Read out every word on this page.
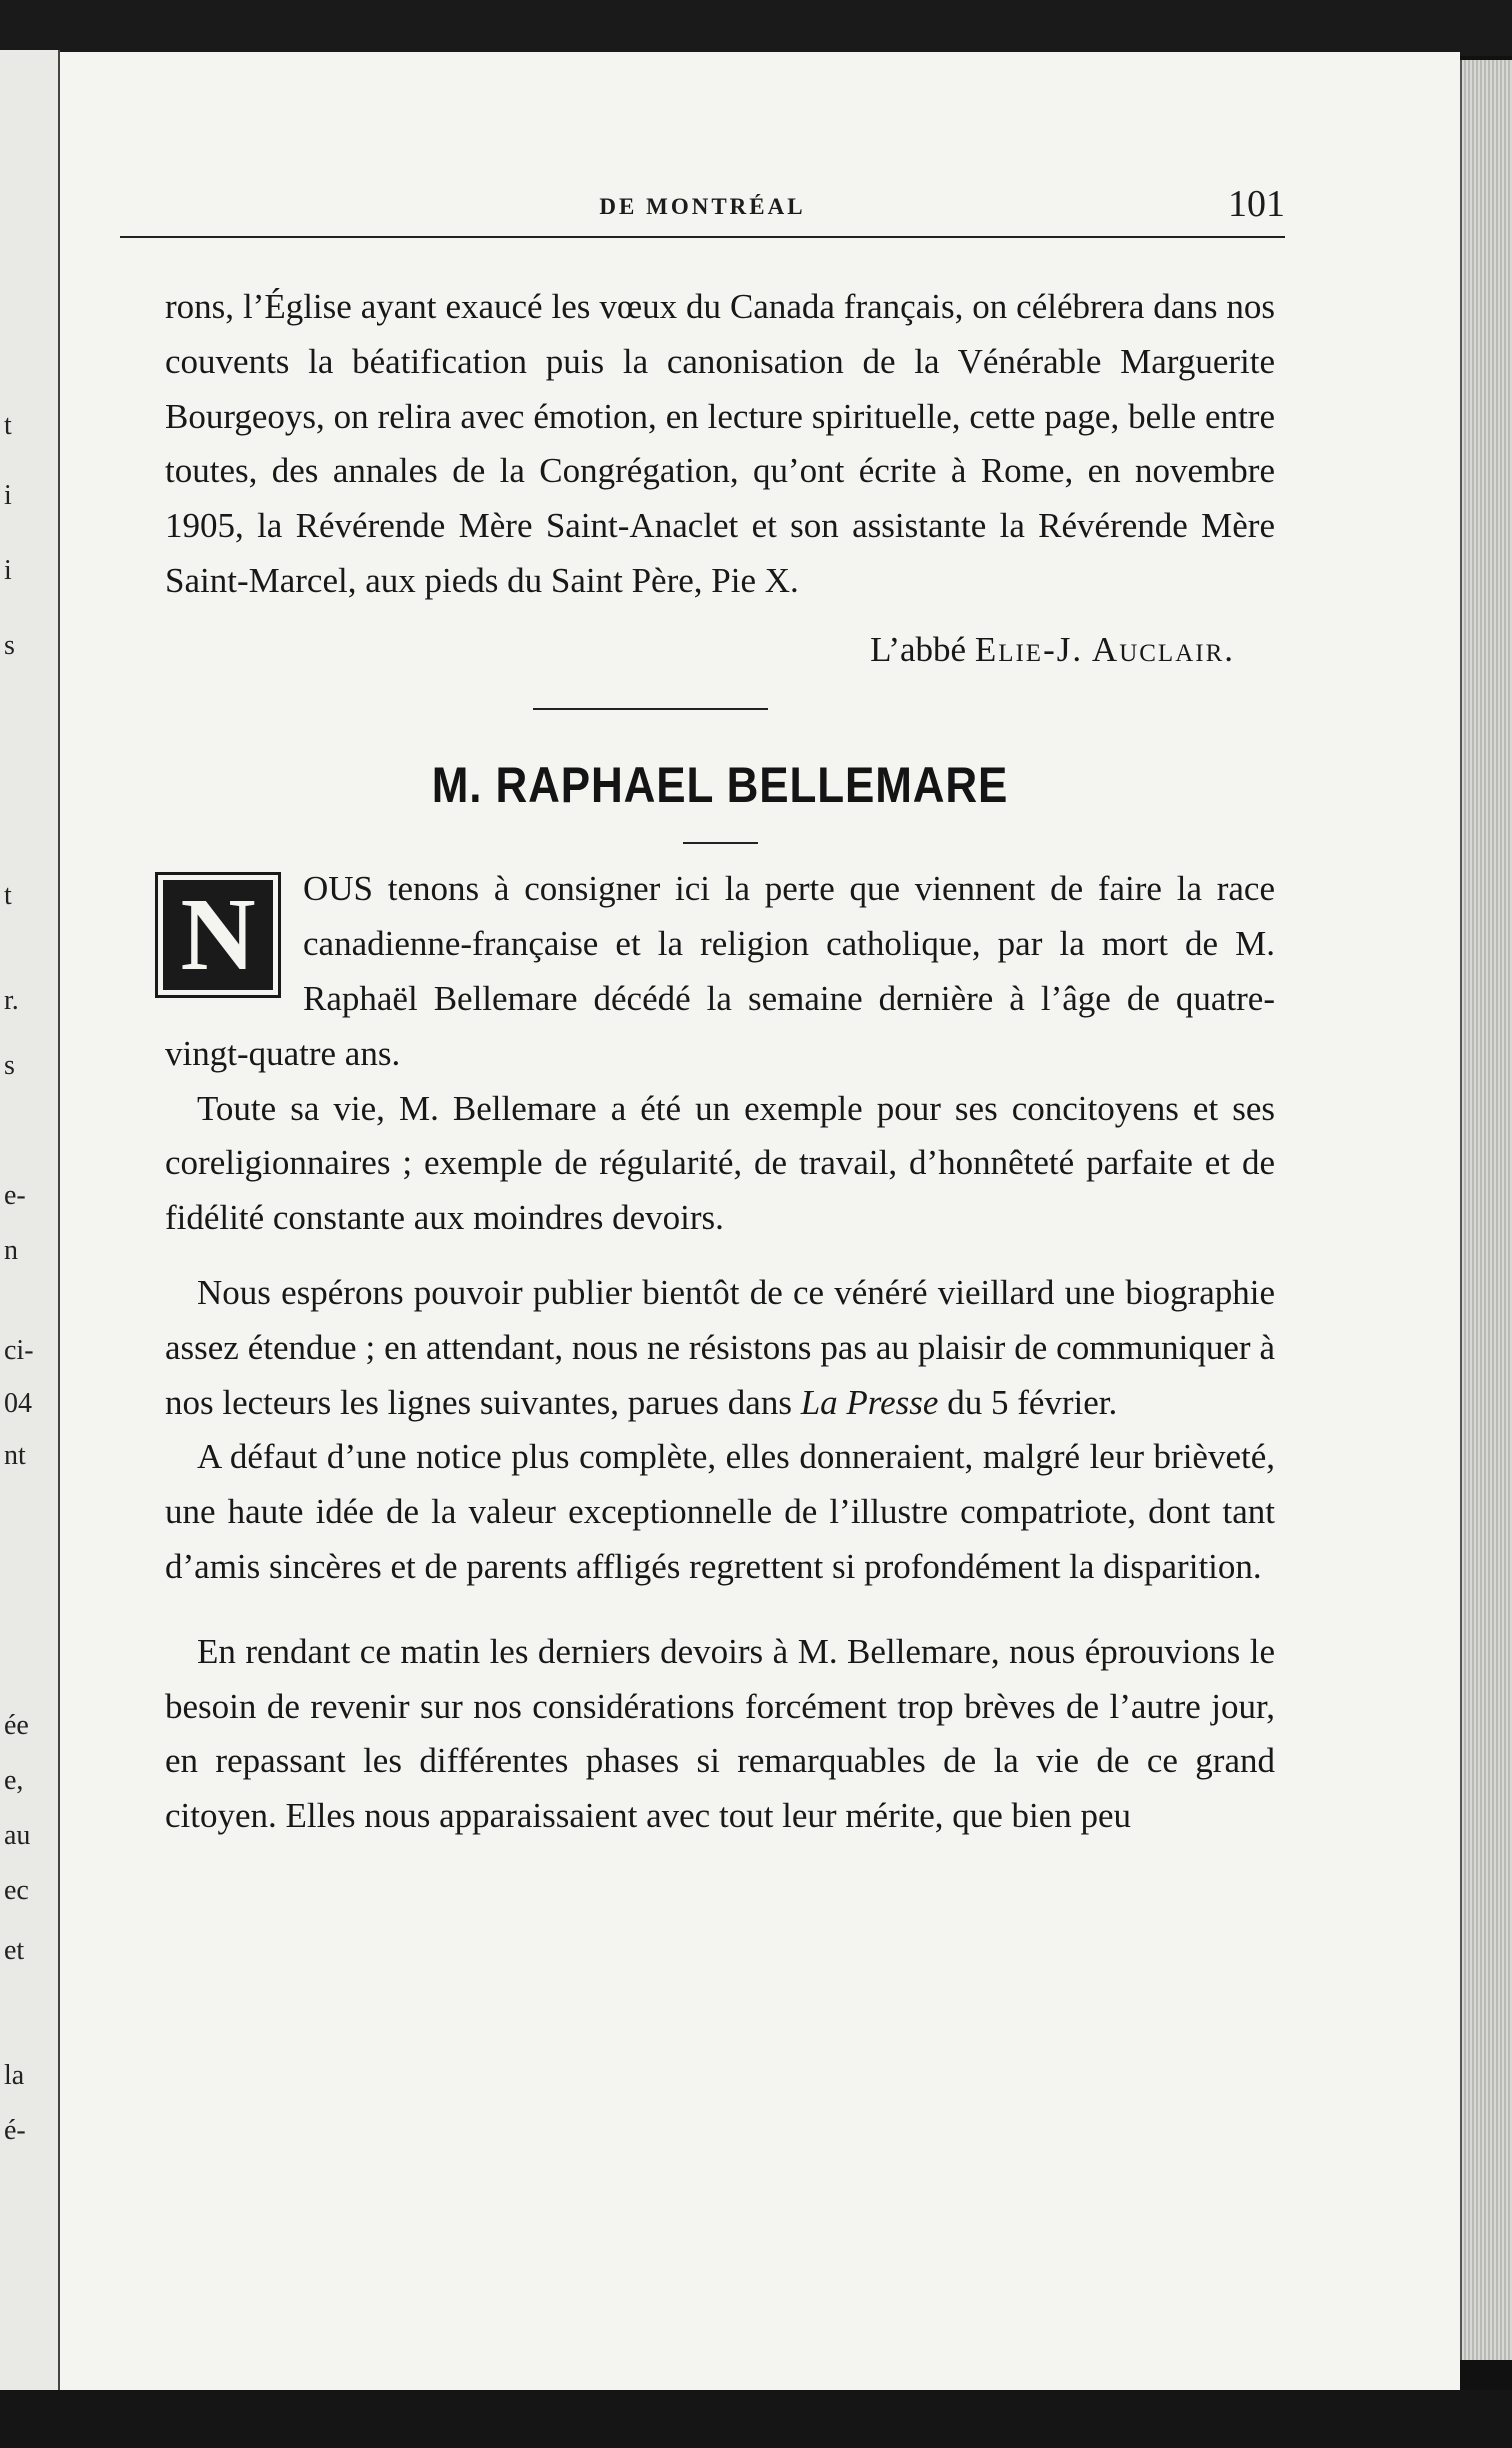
t
i
i
s
t
r.
s
e-
n
ci-
04
nt
ée
e,
au
ec
et
la
é-
DE MONTRÉAL	101

rons, l’Église ayant exaucé les vœux du Canada français, on célébrera dans nos couvents la béatification puis la canonisation de la Vénérable Marguerite Bourgeoys, on relira avec émotion, en lecture spirituelle, cette page, belle entre toutes, des annales de la Congrégation, qu’ont écrite à Rome, en novembre 1905, la Révérende Mère Saint-Anaclet et son assistante la Révérende Mère Saint-Marcel, aux pieds du Saint Père, Pie X.

L’abbé Elie-J. Auclair.
M. RAPHAEL BELLEMARE

N OUS tenons à consigner ici la perte que viennent de faire la race canadienne-française et la religion catholique, par la mort de M. Raphaël Bellemare décédé la semaine dernière à l’âge de quatre-vingt-quatre ans.

Toute sa vie, M. Bellemare a été un exemple pour ses concitoyens et ses coreligionnaires ; exemple de régularité, de travail, d’honnêteté parfaite et de fidélité constante aux moindres devoirs.

Nous espérons pouvoir publier bientôt de ce vénéré vieillard une biographie assez étendue ; en attendant, nous ne résistons pas au plaisir de communiquer à nos lecteurs les lignes suivantes, parues dans La Presse du 5 février.

A défaut d’une notice plus complète, elles donneraient, malgré leur brièveté, une haute idée de la valeur exceptionnelle de l’illustre compatriote, dont tant d’amis sincères et de parents affligés regrettent si profondément la disparition.

En rendant ce matin les derniers devoirs à M. Bellemare, nous éprouvions le besoin de revenir sur nos considérations forcément trop brèves de l’autre jour, en repassant les différentes phases si remarquables de la vie de ce grand citoyen. Elles nous apparaissaient avec tout leur mérite, que bien peu
